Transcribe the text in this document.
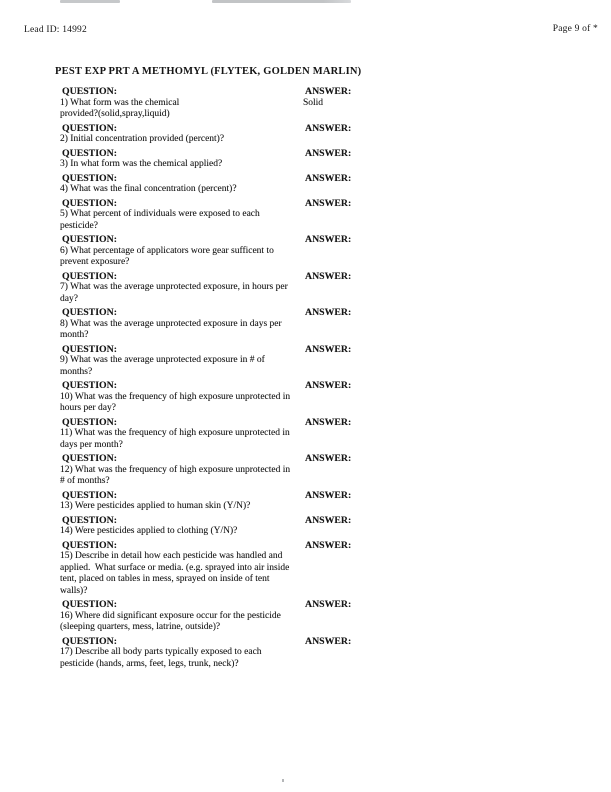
Lead ID: 14992	Page 9 of *
PEST EXP PRT A METHOMYL (FLYTEK, GOLDEN MARLIN)
QUESTION:	ANSWER:
1) What form was the chemical
provided?(solid,spray,liquid)
Solid
QUESTION:	ANSWER:
2) Initial concentration provided (percent)?
QUESTION:	ANSWER:
3) In what form was the chemical applied?
QUESTION:	ANSWER:
4) What was the final concentration (percent)?
QUESTION:	ANSWER:
5) What percent of individuals were exposed to each
pesticide?
QUESTION:	ANSWER:
6) What percentage of applicators wore gear sufficent to
prevent exposure?
QUESTION:	ANSWER:
7) What was the average unprotected exposure, in hours per
day?
QUESTION:	ANSWER:
8) What was the average unprotected exposure in days per
month?
QUESTION:	ANSWER:
9) What was the average unprotected exposure in # of
months?
QUESTION:	ANSWER:
10) What was the frequency of high exposure unprotected in
hours per day?
QUESTION:	ANSWER:
11) What was the frequency of high exposure unprotected in
days per month?
QUESTION:	ANSWER:
12) What was the frequency of high exposure unprotected in
# of months?
QUESTION:	ANSWER:
13) Were pesticides applied to human skin (Y/N)?
QUESTION:	ANSWER:
14) Were pesticides applied to clothing (Y/N)?
QUESTION:	ANSWER:
15) Describe in detail how each pesticide was handled and
applied.  What surface or media. (e.g. sprayed into air inside
tent, placed on tables in mess, sprayed on inside of tent
walls)?
QUESTION:	ANSWER:
16) Where did significant exposure occur for the pesticide
(sleeping quarters, mess, latrine, outside)?
QUESTION:	ANSWER:
17) Describe all body parts typically exposed to each
pesticide (hands, arms, feet, legs, trunk, neck)?
